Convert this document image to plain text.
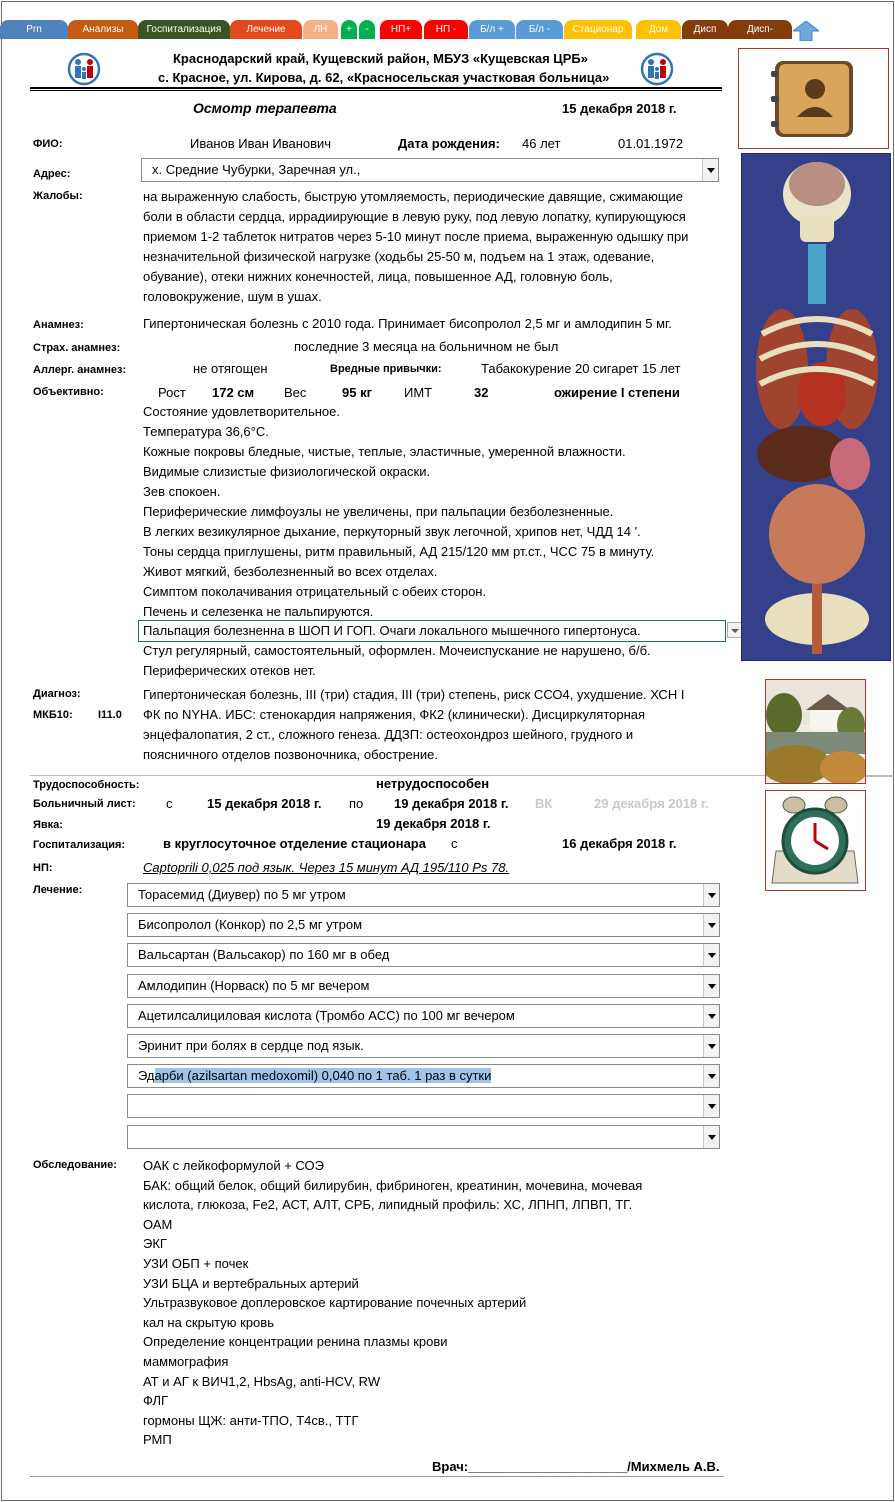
Prn	Анализы	Госпитализация	Лечение	ЛН	+	-	НП+	НП -	Б/л +	Б/л -	Стационар	Дом	Дисп	Дисп-
Краснодарский край, Кущевский район, МБУЗ «Кущевская ЦРБ»
с. Красное, ул. Кирова, д. 62, «Красносельская участковая больница»
Осмотр терапевта	15 декабря 2018 г.
ФИО:	Иванов Иван Иванович	Дата рождения: 46 лет	01.01.1972
Адрес:	х. Средние Чубурки, Заречная ул.,
Жалобы:	на выраженную слабость, быструю утомляемость, периодические давящие, сжимающие
боли в области сердца, иррадиирующие в левую руку, под левую лопатку, купирующуюся
приемом 1-2 таблеток нитратов через 5-10 минут после приема, выраженную одышку при
незначительной физической нагрузке (ходьбы 25-50 м, подъем на 1 этаж, одевание,
обувание), отеки нижних конечностей, лица, повышенное АД, головную боль,
головокружение, шум в ушах.
Анамнез:	Гипертоническая болезнь с 2010 года. Принимает бисопролол 2,5 мг и амлодипин 5 мг.
Страх. анамнез:	последние 3 месяца на больничном не был
Аллерг. анамнез:	не отягощен	Вредные привычки:	Табакокурение 20 сигарет 15 лет
Объективно:	Рост 172 см Вес	95 кг ИМТ	32	ожирение I степени
Состояние удовлетворительное.
Температура 36,6°С.
Кожные покровы бледные, чистые, теплые, эластичные, умеренной влажности.
Видимые слизистые физиологической окраски.
Зев спокоен.
Периферические лимфоузлы не увеличены, при пальпации безболезненные.
В легких везикулярное дыхание, перкуторный звук легочной, хрипов нет, ЧДД 14 '.
Тоны сердца приглушены, ритм правильный, АД 215/120 мм рт.ст., ЧСС 75 в минуту.
Живот мягкий, безболезненный во всех отделах.
Симптом поколачивания отрицательный с обеих сторон.
Печень и селезенка не пальпируются.
Пальпация болезненна в ШОП И ГОП. Очаги локального мышечного гипертонуса.
Стул регулярный, самостоятельный, оформлен. Мочеиспускание не нарушено, б/б.
Периферических отеков нет.
Диагноз:
МКБ10: I11.0
Гипертоническая болезнь, III (три) стадия, III (три) степень, риск ССО4, ухудшение. ХСН I
ФК по NYHA. ИБС: стенокардия напряжения, ФК2 (клинически). Дисциркуляторная
энцефалопатия, 2 ст., сложного генеза. ДДЗП: остеохондроз шейного, грудного и
поясничного отделов позвоночника, обострение.
Трудоспособность:	нетрудоспособен
Больничный лист: с	15 декабря 2018 г. по 19 декабря 2018 г. ВК	29 декабря 2018 г.
Явка:	19 декабря 2018 г.
Госпитализация:	в круглосуточное отделение стационара с	16 декабря 2018 г.
НП:	Captoprili 0,025 под язык. Через 15 минут АД 195/110 Ps 78.
Лечение:	Торасемид (Диувер) по 5 мг утром
Бисопролол (Конкор) по 2,5 мг утром
Вальсартан (Вальсакор) по 160 мг в обед
Амлодипин (Норваск) по 5 мг вечером
Ацетилсалициловая кислота (Тромбо АСС) по 100 мг вечером
Эринит при болях в сердце под язык.
Эдарби (azilsartan medoxomil) 0,040 по 1 таб. 1 раз в сутки
Обследование: ОАК с лейкоформулой + СОЭ
БАК: общий белок, общий билирубин, фибриноген, креатинин, мочевина, мочевая
кислота, глюкоза, Fe2, АСТ, АЛТ, СРБ, липидный профиль: ХС, ЛПНП, ЛПВП, ТГ.
ОАМ
ЭКГ
УЗИ ОБП + почек
УЗИ БЦА и вертебральных артерий
Ультразвуковое доплеровское картирование почечных артерий
кал на скрытую кровь
Определение концентрации ренина плазмы крови
маммография
АТ и АГ к ВИЧ1,2, HbsAg, anti-HCV, RW
ФЛГ
гормоны ЩЖ: анти-ТПО, Т4св., ТТГ
РМП
Врач:______________________/Михмель А.В.
